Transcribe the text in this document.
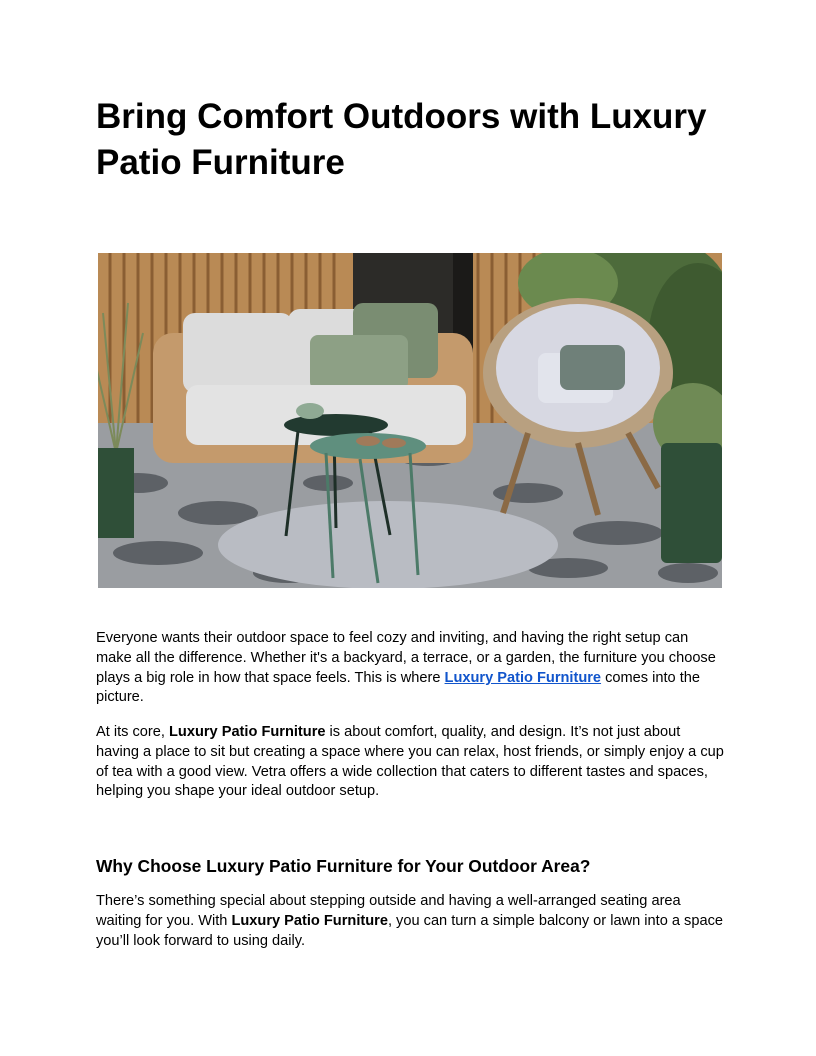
Bring Comfort Outdoors with Luxury Patio Furniture

Everyone wants their outdoor space to feel cozy and inviting, and having the right setup can make all the difference. Whether it's a backyard, a terrace, or a garden, the furniture you choose plays a big role in how that space feels. This is where Luxury Patio Furniture comes into the picture.

At its core, Luxury Patio Furniture is about comfort, quality, and design. It’s not just about having a place to sit but creating a space where you can relax, host friends, or simply enjoy a cup of tea with a good view. Vetra offers a wide collection that caters to different tastes and spaces, helping you shape your ideal outdoor setup.

Why Choose Luxury Patio Furniture for Your Outdoor Area?

There’s something special about stepping outside and having a well-arranged seating area waiting for you. With Luxury Patio Furniture, you can turn a simple balcony or lawn into a space you’ll look forward to using daily.
